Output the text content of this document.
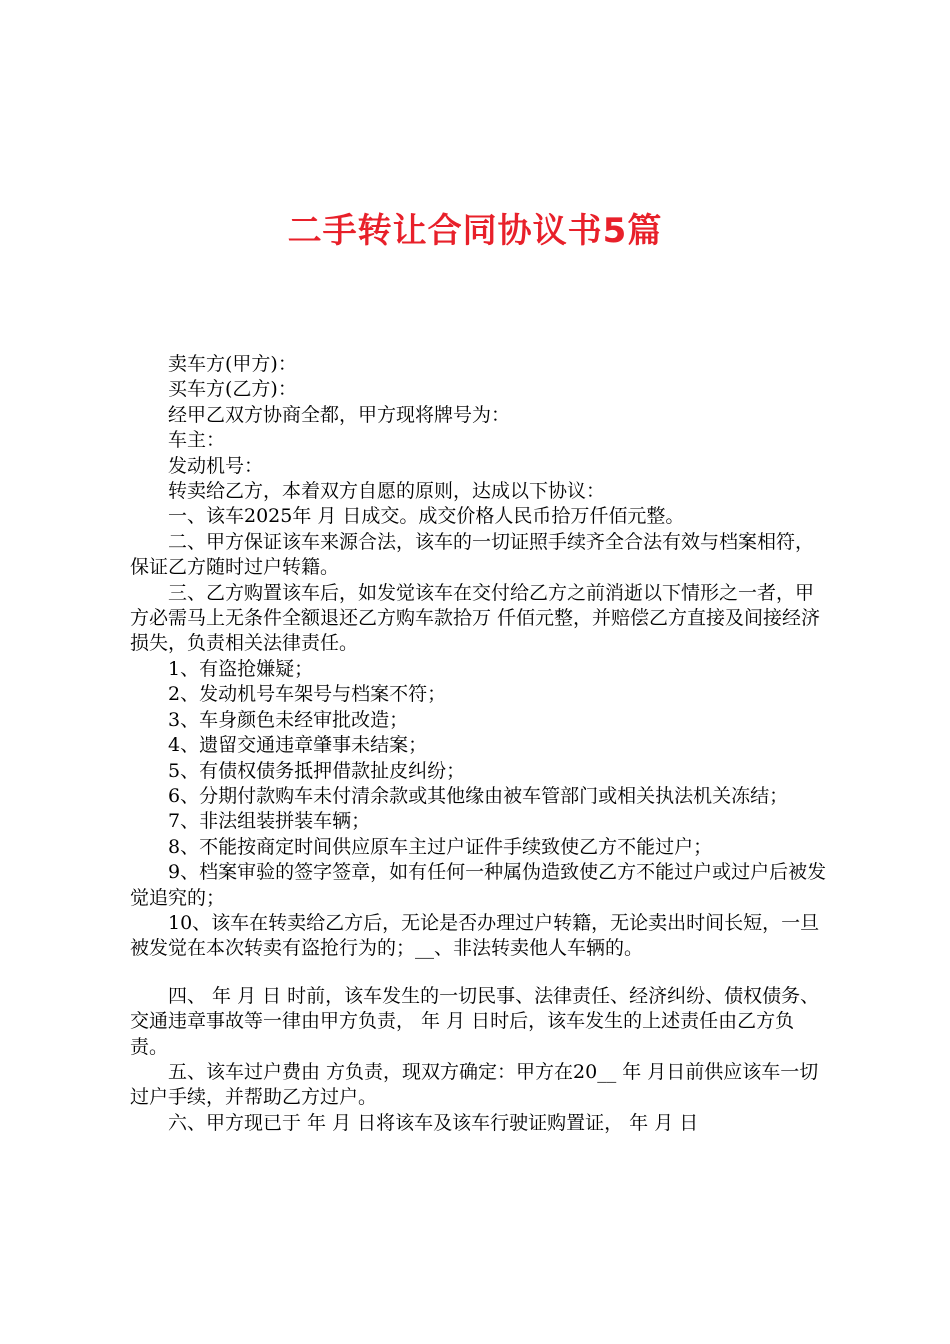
二手转让合同协议书5篇

卖车方(甲方)：

买车方(乙方)：

经甲乙双方协商全都，甲方现将牌号为：

车主：

发动机号：

转卖给乙方，本着双方自愿的原则，达成以下协议：

一、该车2025年 月 日成交。成交价格人民币拾万仟佰元整。

二、甲方保证该车来源合法，该车的一切证照手续齐全合法有效与档案相符，保证乙方随时过户转籍。

三、乙方购置该车后，如发觉该车在交付给乙方之前消逝以下情形之一者，甲方必需马上无条件全额退还乙方购车款拾万 仟佰元整，并赔偿乙方直接及间接经济损失，负责相关法律责任。

1、有盗抢嫌疑；

2、发动机号车架号与档案不符；

3、车身颜色未经审批改造；

4、遗留交通违章肇事未结案；

5、有债权债务抵押借款扯皮纠纷；

6、分期付款购车未付清余款或其他缘由被车管部门或相关执法机关冻结；

7、非法组装拼装车辆；

8、不能按商定时间供应原车主过户证件手续致使乙方不能过户；

9、档案审验的签字签章，如有任何一种属伪造致使乙方不能过户或过户后被发觉追究的；

10、该车在转卖给乙方后，无论是否办理过户转籍，无论卖出时间长短，一旦被发觉在本次转卖有盗抢行为的；__、非法转卖他人车辆的。

四、 年 月 日 时前，该车发生的一切民事、法律责任、经济纠纷、债权债务、交通违章事故等一律由甲方负责， 年 月 日时后，该车发生的上述责任由乙方负责。

五、该车过户费由 方负责，现双方确定：甲方在20__ 年 月日前供应该车一切过户手续，并帮助乙方过户。

六、甲方现已于 年 月 日将该车及该车行驶证购置证， 年 月 日
